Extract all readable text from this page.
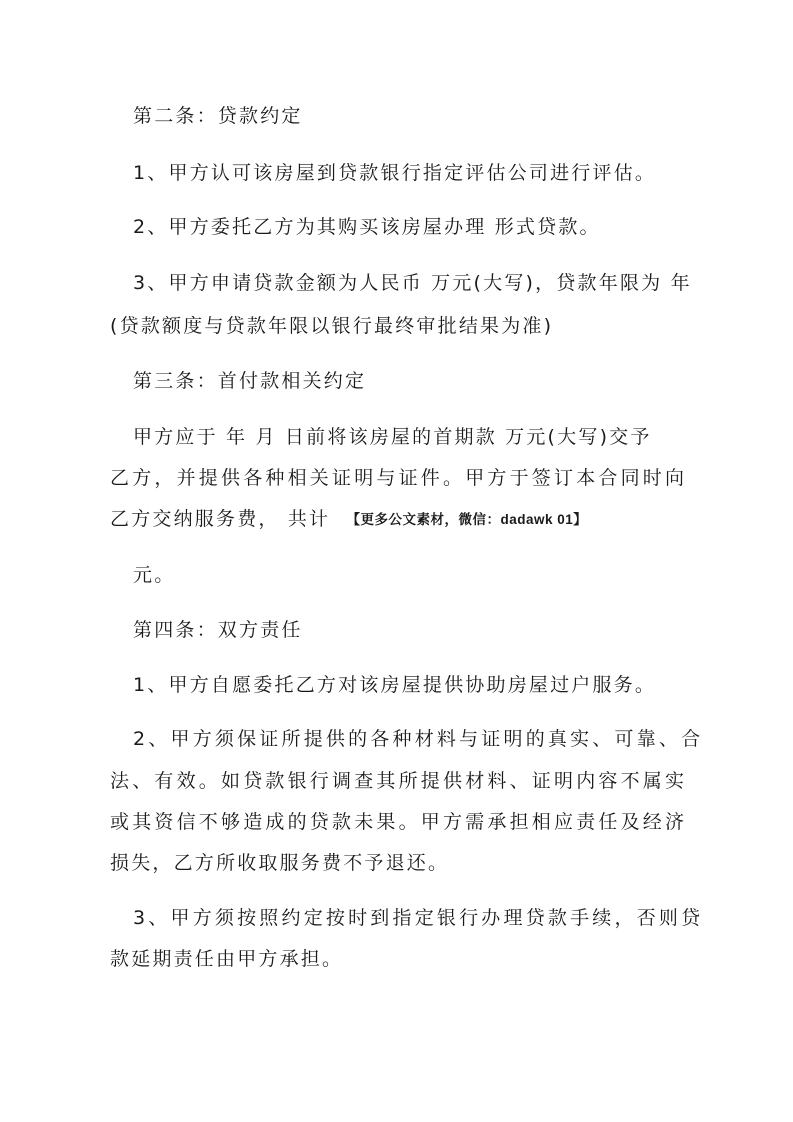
第二条：贷款约定
1、甲方认可该房屋到贷款银行指定评估公司进行评估。
2、甲方委托乙方为其购买该房屋办理 形式贷款。
3、甲方申请贷款金额为人民币 万元(大写)，贷款年限为 年
(贷款额度与贷款年限以银行最终审批结果为准)
第三条：首付款相关约定
甲方应于 年 月 日前将该房屋的首期款 万元(大写)交予
乙方，并提供各种相关证明与证件。甲方于签订本合同时向
乙方交纳服务费， 共计 【更多公文素材，微信：dadawk 01】
元。
第四条：双方责任
1、甲方自愿委托乙方对该房屋提供协助房屋过户服务。
2、甲方须保证所提供的各种材料与证明的真实、可靠、合
法、有效。如贷款银行调查其所提供材料、证明内容不属实
或其资信不够造成的贷款未果。甲方需承担相应责任及经济
损失，乙方所收取服务费不予退还。
3、甲方须按照约定按时到指定银行办理贷款手续，否则贷
款延期责任由甲方承担。
